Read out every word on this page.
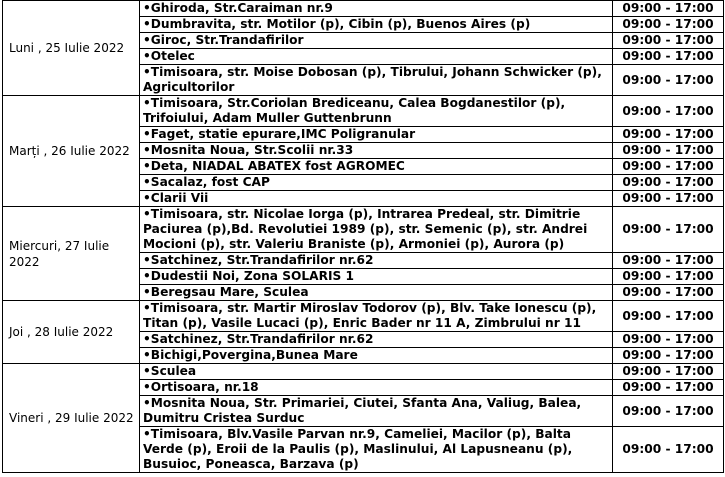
Luni , 25 Iulie 2022	•Ghiroda, Str.Caraiman nr.9	09:00 - 17:00
	•Dumbravita, str. Motilor (p), Cibin (p), Buenos Aires (p)	09:00 - 17:00
	•Giroc, Str.Trandafirilor	09:00 - 17:00
	•Otelec	09:00 - 17:00
	•Timisoara, str. Moise Dobosan (p), Tibrului, Johann Schwicker (p), Agricultorilor	09:00 - 17:00
Marți , 26 Iulie 2022	•Timisoara, Str.Coriolan Brediceanu, Calea Bogdanestilor (p), Trifoiului, Adam Muller Guttenbrunn	09:00 - 17:00
	•Faget, statie epurare,IMC Poligranular	09:00 - 17:00
	•Mosnita Noua, Str.Scolii nr.33	09:00 - 17:00
	•Deta, NIADAL ABATEX fost AGROMEC	09:00 - 17:00
	•Sacalaz, fost CAP	09:00 - 17:00
	•Clarii Vii	09:00 - 17:00
Miercuri, 27 Iulie 2022	•Timisoara, str. Nicolae Iorga (p), Intrarea Predeal, str. Dimitrie Paciurea (p),Bd. Revolutiei 1989 (p), str. Semenic (p), str. Andrei Mocioni (p), str. Valeriu Braniste (p), Armoniei (p), Aurora (p)	09:00 - 17:00
	•Satchinez, Str.Trandafirilor nr.62	09:00 - 17:00
	•Dudestii Noi, Zona SOLARIS 1	09:00 - 17:00
	•Beregsau Mare, Sculea	09:00 - 17:00
Joi , 28 Iulie 2022	•Timisoara, str. Martir Miroslav Todorov (p), Blv. Take Ionescu (p), Titan (p), Vasile Lucaci (p), Enric Bader nr 11 A, Zimbrului nr 11	09:00 - 17:00
	•Satchinez, Str.Trandafirilor nr.62	09:00 - 17:00
	•Bichigi,Povergina,Bunea Mare	09:00 - 17:00
Vineri , 29 Iulie 2022	•Sculea	09:00 - 17:00
	•Ortisoara, nr.18	09:00 - 17:00
	•Mosnita Noua, Str. Primariei, Ciutei, Sfanta Ana, Valiug, Balea, Dumitru Cristea Surduc	09:00 - 17:00
	•Timisoara, Blv.Vasile Parvan nr.9, Cameliei, Macilor (p), Balta Verde (p), Eroii de la Paulis (p), Maslinului, Al Lapusneanu (p), Busuioc, Poneasca, Barzava (p)	09:00 - 17:00
